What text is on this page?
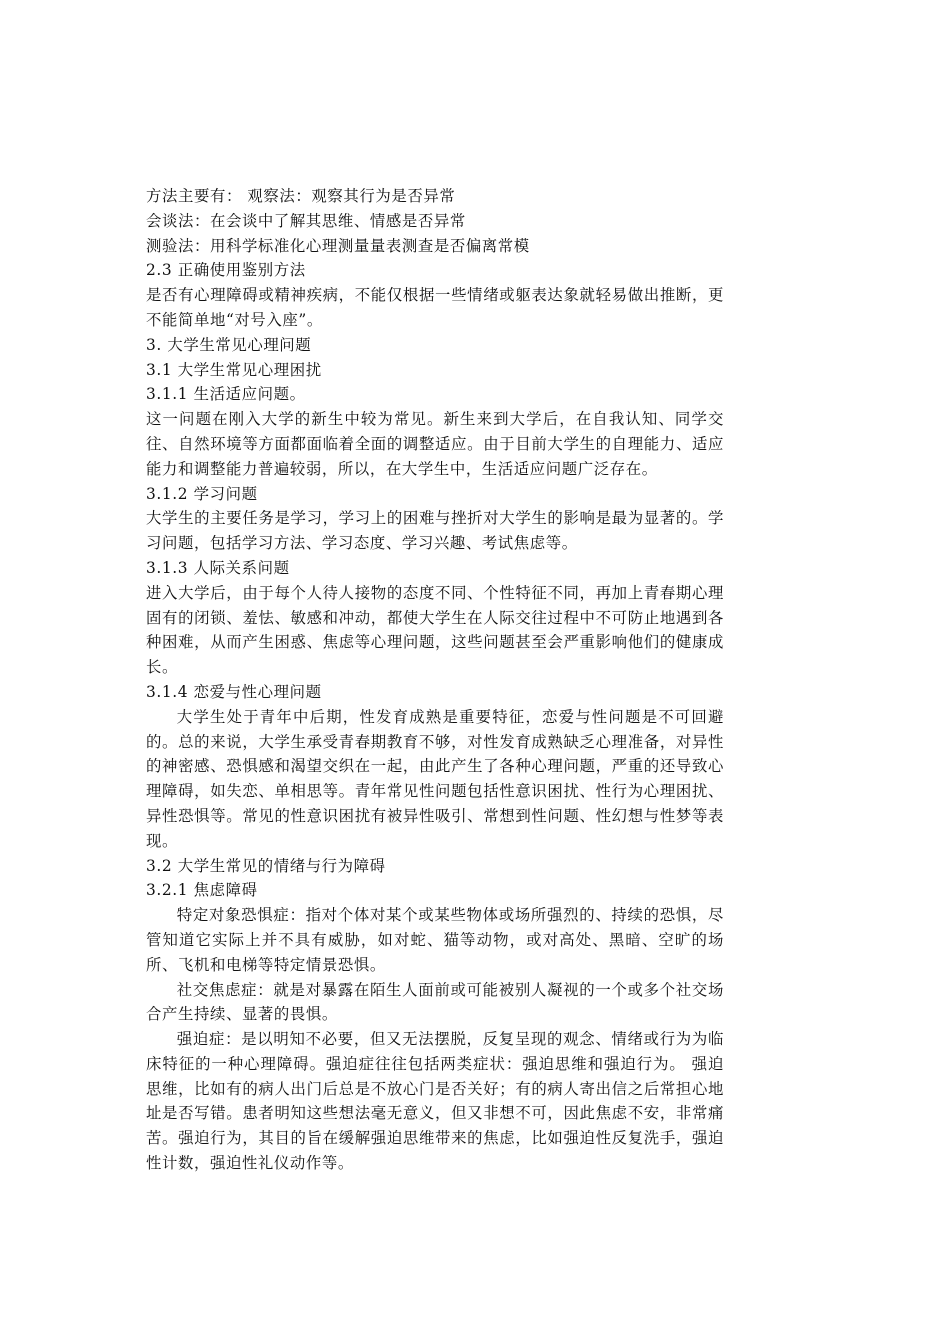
方法主要有： 观察法：观察其行为是否异常

会谈法：在会谈中了解其思维、情感是否异常

测验法：用科学标准化心理测量量表测查是否偏离常模

2.3 正确使用鉴别方法

是否有心理障碍或精神疾病，不能仅根据一些情绪或躯表达象就轻易做出推断，更不能简单地“对号入座”。

3. 大学生常见心理问题

3.1 大学生常见心理困扰

3.1.1 生活适应问题。

这一问题在刚入大学的新生中较为常见。新生来到大学后，在自我认知、同学交往、自然环境等方面都面临着全面的调整适应。由于目前大学生的自理能力、适应能力和调整能力普遍较弱，所以，在大学生中，生活适应问题广泛存在。

3.1.2 学习问题

大学生的主要任务是学习，学习上的困难与挫折对大学生的影响是最为显著的。学习问题，包括学习方法、学习态度、学习兴趣、考试焦虑等。

3.1.3 人际关系问题

进入大学后，由于每个人待人接物的态度不同、个性特征不同，再加上青春期心理固有的闭锁、羞怯、敏感和冲动，都使大学生在人际交往过程中不可防止地遇到各种困难，从而产生困惑、焦虑等心理问题，这些问题甚至会严重影响他们的健康成长。

3.1.4 恋爱与性心理问题

大学生处于青年中后期，性发育成熟是重要特征，恋爱与性问题是不可回避的。总的来说，大学生承受青春期教育不够，对性发育成熟缺乏心理准备，对异性的神密感、恐惧感和渴望交织在一起，由此产生了各种心理问题，严重的还导致心理障碍，如失恋、单相思等。青年常见性问题包括性意识困扰、性行为心理困扰、异性恐惧等。常见的性意识困扰有被异性吸引、常想到性问题、性幻想与性梦等表现。

3.2 大学生常见的情绪与行为障碍

3.2.1 焦虑障碍

特定对象恐惧症：指对个体对某个或某些物体或场所强烈的、持续的恐惧，尽管知道它实际上并不具有威胁，如对蛇、猫等动物，或对高处、黑暗、空旷的场所、飞机和电梯等特定情景恐惧。

社交焦虑症：就是对暴露在陌生人面前或可能被别人凝视的一个或多个社交场合产生持续、显著的畏惧。

强迫症：是以明知不必要，但又无法摆脱，反复呈现的观念、情绪或行为为临床特征的一种心理障碍。强迫症往往包括两类症状：强迫思维和强迫行为。 强迫思维，比如有的病人出门后总是不放心门是否关好；有的病人寄出信之后常担心地址是否写错。患者明知这些想法毫无意义，但又非想不可，因此焦虑不安，非常痛苦。强迫行为，其目的旨在缓解强迫思维带来的焦虑，比如强迫性反复洗手，强迫性计数，强迫性礼仪动作等。
